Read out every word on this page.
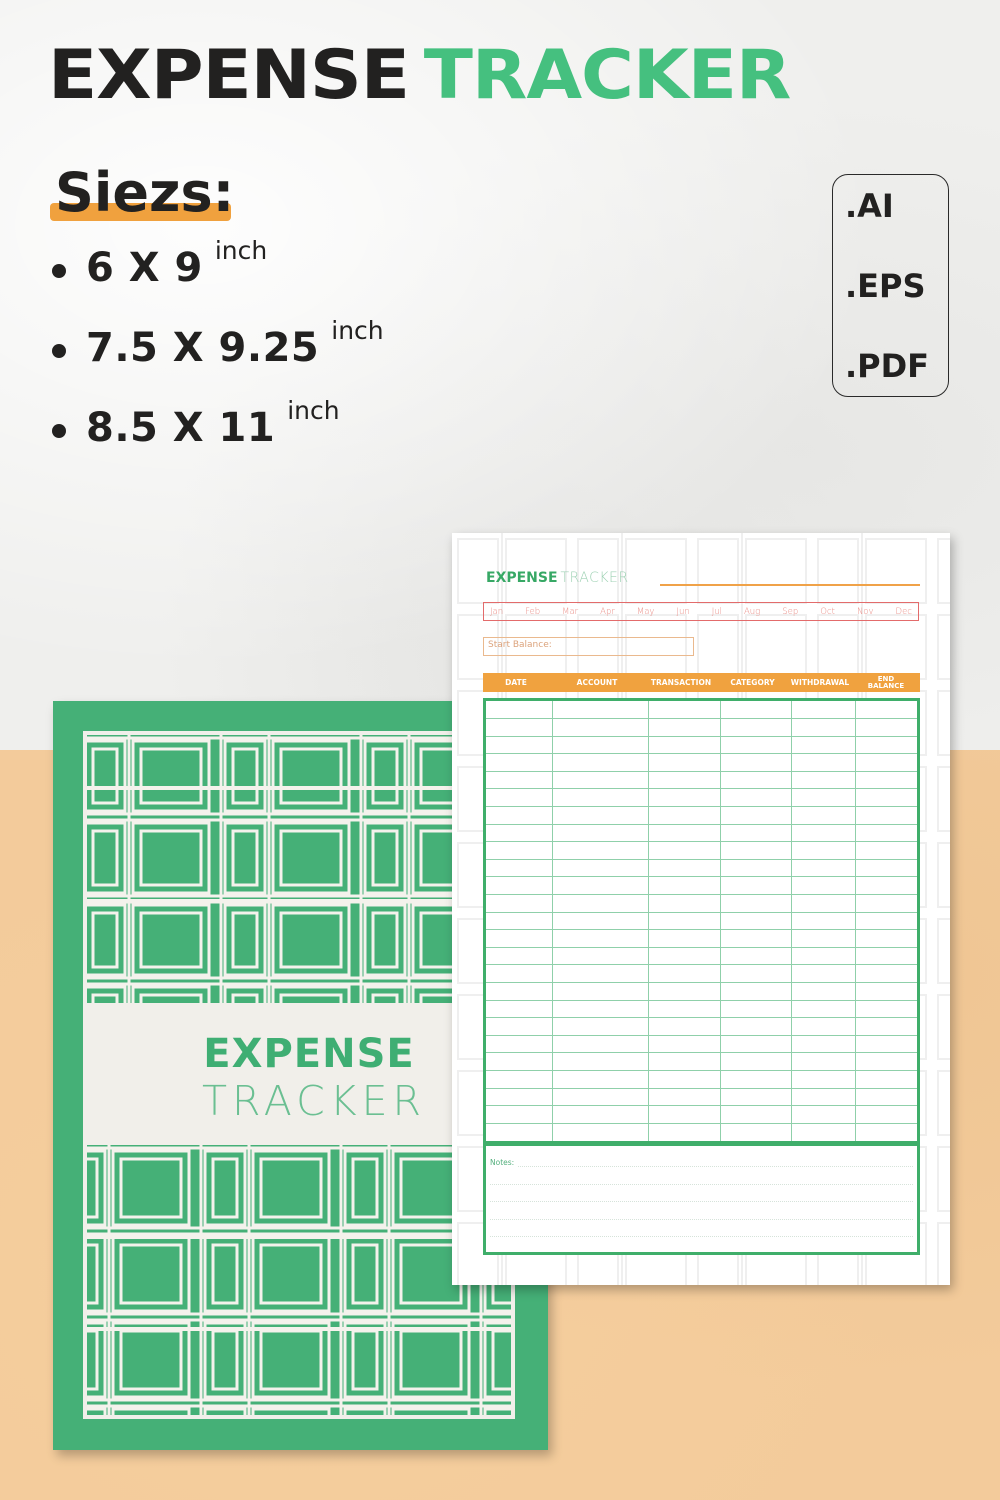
EXPENSE TRACKER
Siezs:
6 X 9 inch
7.5 X 9.25 inch
8.5 X 11 inch
.AI
.EPS
.PDF
EXPENSE
TRACKER
EXPENSE TRACKER
Jan	Feb	Mar	Apr	May	Jun	Jul	Aug	Sep	Oct	Nov	Dec
Start Balance:
DATE	ACCOUNT	TRANSACTION	CATEGORY	WITHDRAWAL	END
BALANCE

Notes:
